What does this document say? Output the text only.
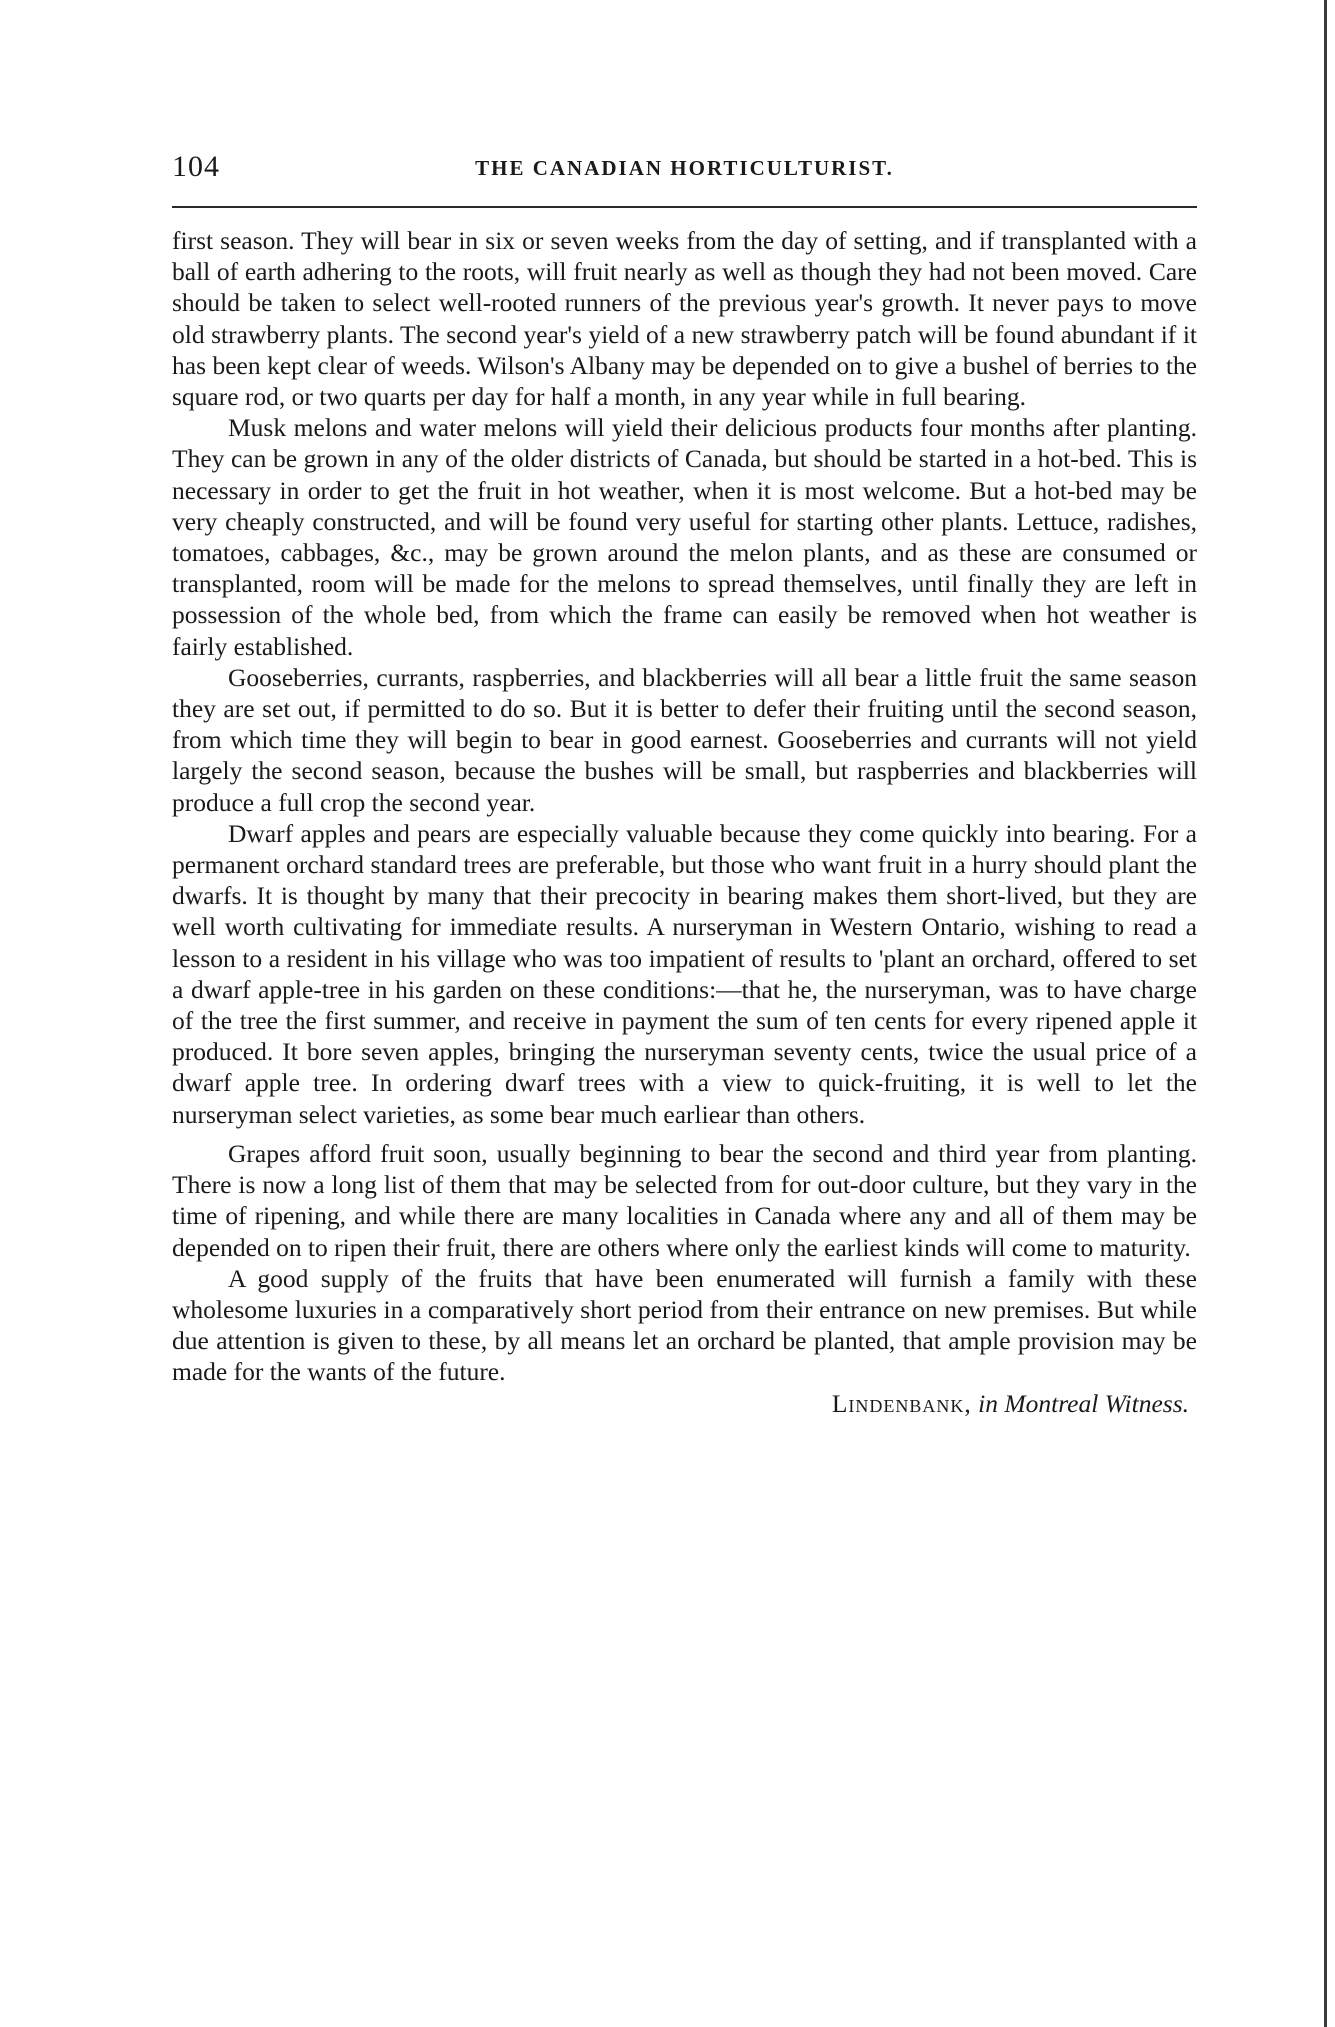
104	THE CANADIAN HORTICULTURIST.

first season. They will bear in six or seven weeks from the day of setting, and if transplanted with a ball of earth adhering to the roots, will fruit nearly as well as though they had not been moved. Care should be taken to select well-rooted runners of the previous year's growth. It never pays to move old strawberry plants. The second year's yield of a new strawberry patch will be found abundant if it has been kept clear of weeds. Wilson's Albany may be depended on to give a bushel of berries to the square rod, or two quarts per day for half a month, in any year while in full bearing.

Musk melons and water melons will yield their delicious products four months after planting. They can be grown in any of the older districts of Canada, but should be started in a hot-bed. This is necessary in order to get the fruit in hot weather, when it is most welcome. But a hot-bed may be very cheaply constructed, and will be found very useful for starting other plants. Lettuce, radishes, tomatoes, cabbages, &c., may be grown around the melon plants, and as these are consumed or transplanted, room will be made for the melons to spread themselves, until finally they are left in possession of the whole bed, from which the frame can easily be removed when hot weather is fairly established.

Gooseberries, currants, raspberries, and blackberries will all bear a little fruit the same season they are set out, if permitted to do so. But it is better to defer their fruiting until the second season, from which time they will begin to bear in good earnest. Gooseberries and currants will not yield largely the second season, because the bushes will be small, but raspberries and blackberries will produce a full crop the second year.

Dwarf apples and pears are especially valuable because they come quickly into bearing. For a permanent orchard standard trees are preferable, but those who want fruit in a hurry should plant the dwarfs. It is thought by many that their precocity in bearing makes them short-lived, but they are well worth cultivating for immediate results. A nurseryman in Western Ontario, wishing to read a lesson to a resident in his village who was too impatient of results to 'plant an orchard, offered to set a dwarf apple-tree in his garden on these conditions:—that he, the nurseryman, was to have charge of the tree the first summer, and receive in payment the sum of ten cents for every ripened apple it produced. It bore seven apples, bringing the nurseryman seventy cents, twice the usual price of a dwarf apple tree. In ordering dwarf trees with a view to quick-fruiting, it is well to let the nurseryman select varieties, as some bear much earliear than others.

Grapes afford fruit soon, usually beginning to bear the second and third year from planting. There is now a long list of them that may be selected from for out-door culture, but they vary in the time of ripening, and while there are many localities in Canada where any and all of them may be depended on to ripen their fruit, there are others where only the earliest kinds will come to maturity.

A good supply of the fruits that have been enumerated will furnish a family with these wholesome luxuries in a comparatively short period from their entrance on new premises. But while due attention is given to these, by all means let an orchard be planted, that ample provision may be made for the wants of the future.

Lindenbank, in Montreal Witness.
